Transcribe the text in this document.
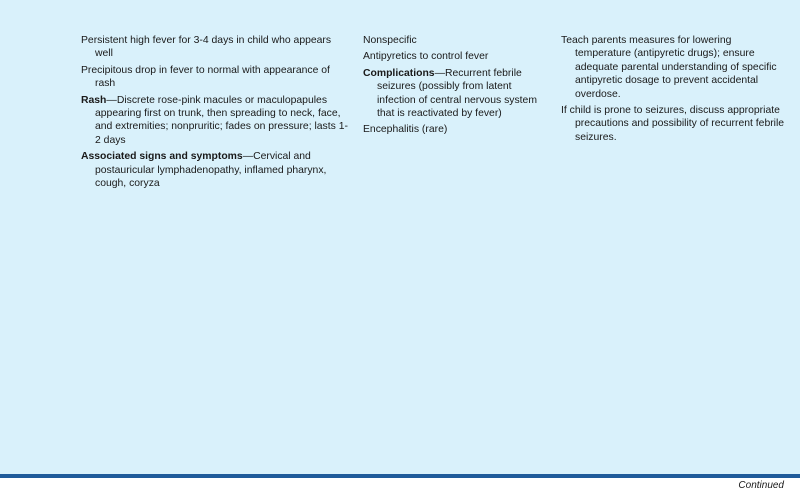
Persistent high fever for 3-4 days in child who appears well

Precipitous drop in fever to normal with appearance of rash

Rash—Discrete rose-pink macules or maculopapules appearing first on trunk, then spreading to neck, face, and extremities; nonpruritic; fades on pressure; lasts 1-2 days

Associated signs and symptoms—Cervical and postauricular lymphadenopathy, inflamed pharynx, cough, coryza

Nonspecific

Antipyretics to control fever

Complications—Recurrent febrile seizures (possibly from latent infection of central nervous system that is reactivated by fever)

Encephalitis (rare)

Teach parents measures for lowering temperature (antipyretic drugs); ensure adequate parental understanding of specific antipyretic dosage to prevent accidental overdose.

If child is prone to seizures, discuss appropriate precautions and possibility of recurrent febrile seizures.

Continued
